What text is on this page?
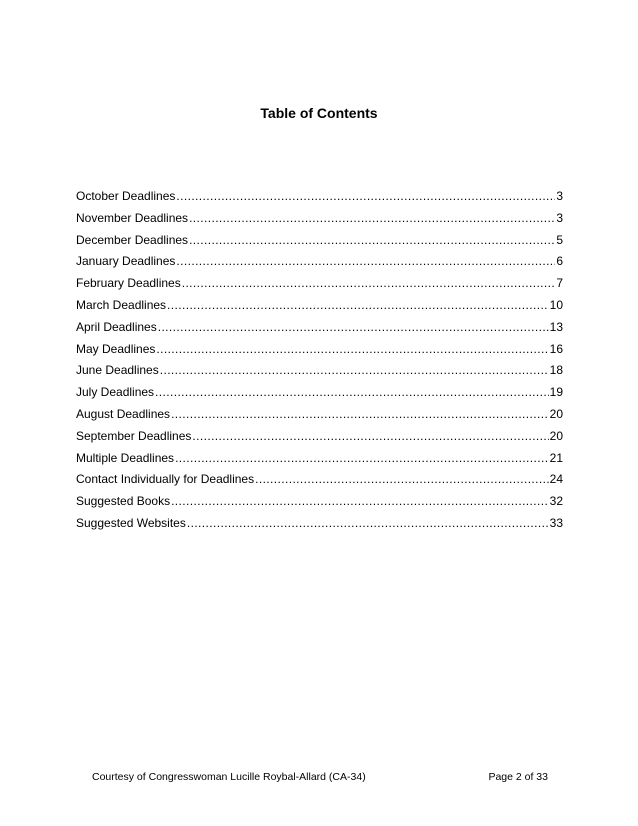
Table of Contents
October Deadlines .....	3
November Deadlines .....	3
December Deadlines .....	5
January Deadlines .....	6
February Deadlines .....	7
March Deadlines .....	10
April Deadlines .....	13
May Deadlines .....	16
June Deadlines .....	18
July Deadlines .....	19
August Deadlines .....	20
September Deadlines .....	20
Multiple Deadlines .....	21
Contact Individually for Deadlines .....	24
Suggested Books .....	32
Suggested Websites .....	33
Courtesy of Congresswoman Lucille Roybal-Allard (CA-34)	Page 2 of 33
